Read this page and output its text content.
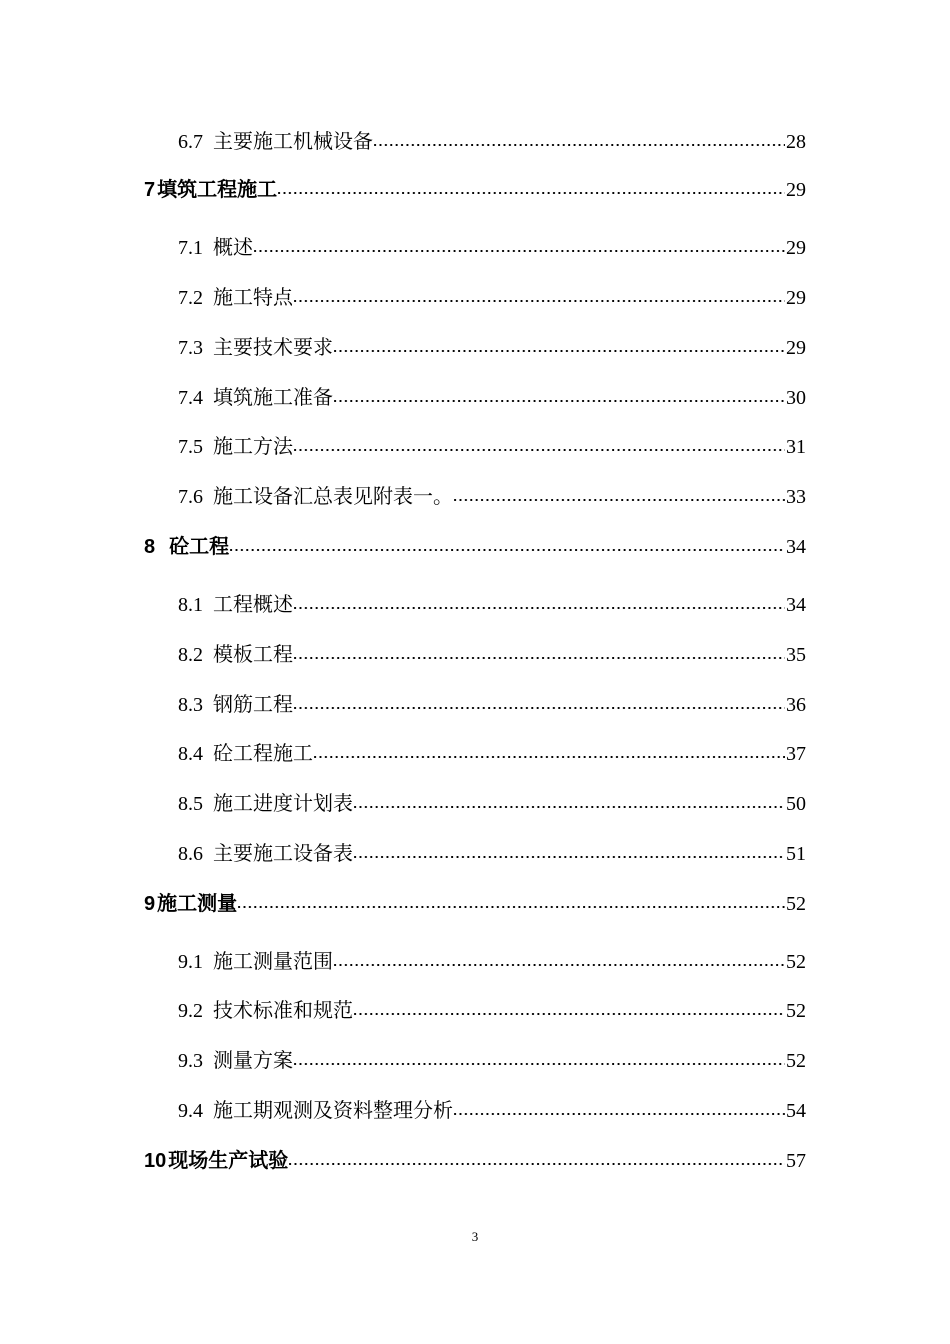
6.7 主要施工机械设备	28
7 填筑工程施工	29
7.1 概述	29
7.2 施工特点	29
7.3 主要技术要求	29
7.4 填筑施工准备	30
7.5 施工方法	31
7.6 施工设备汇总表见附表一。	33
8 砼工程	34
8.1 工程概述	34
8.2 模板工程	35
8.3 钢筋工程	36
8.4 砼工程施工	37
8.5 施工进度计划表	50
8.6 主要施工设备表	51
9 施工测量	52
9.1 施工测量范围	52
9.2 技术标准和规范	52
9.3 测量方案	52
9.4 施工期观测及资料整理分析	54
10 现场生产试验	57
3
